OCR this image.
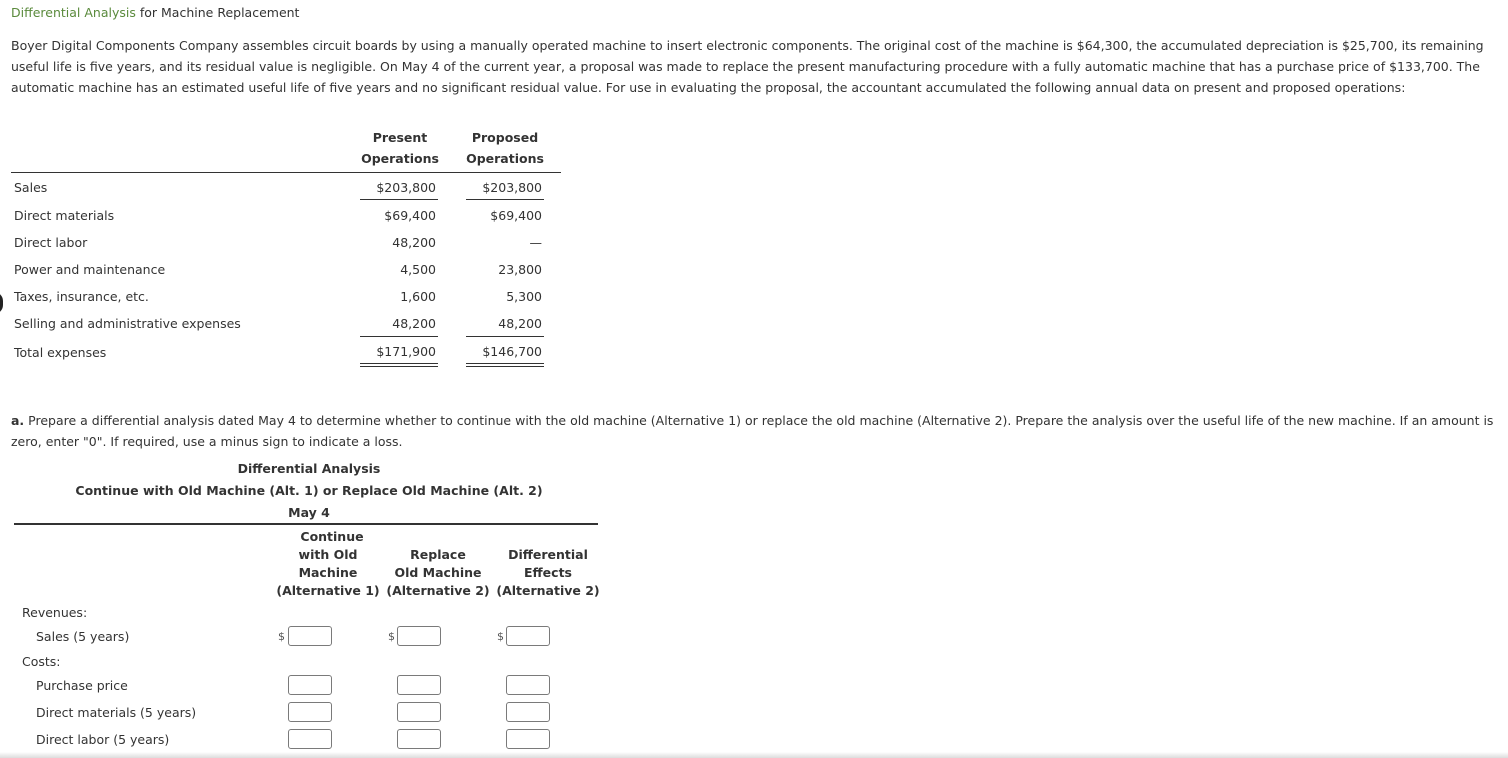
Differential Analysis for Machine Replacement
Boyer Digital Components Company assembles circuit boards by using a manually operated machine to insert electronic components. The original cost of the machine is $64,300, the accumulated depreciation is $25,700, its remaining useful life is five years, and its residual value is negligible. On May 4 of the current year, a proposal was made to replace the present manufacturing procedure with a fully automatic machine that has a purchase price of $133,700. The automatic machine has an estimated useful life of five years and no significant residual value. For use in evaluating the proposal, the accountant accumulated the following annual data on present and proposed operations:
Present
Operations
Proposed
Operations
Sales	$203,800	$203,800
Direct materials	$69,400	$69,400
Direct labor	48,200	—
Power and maintenance	4,500	23,800
Taxes, insurance, etc.	1,600	5,300
Selling and administrative expenses	48,200	48,200
Total expenses	$171,900	$146,700
a. Prepare a differential analysis dated May 4 to determine whether to continue with the old machine (Alternative 1) or replace the old machine (Alternative 2). Prepare the analysis over the useful life of the new machine. If an amount is zero, enter "0". If required, use a minus sign to indicate a loss.
Differential Analysis
Continue with Old Machine (Alt. 1) or Replace Old Machine (Alt. 2)
May 4
Continue
with Old
Machine
(Alternative 1)
Replace
Old Machine
(Alternative 2)
Differential
Effects
(Alternative 2)
Revenues:
Sales (5 years)	$	$	$
Costs:
Purchase price
Direct materials (5 years)
Direct labor (5 years)
